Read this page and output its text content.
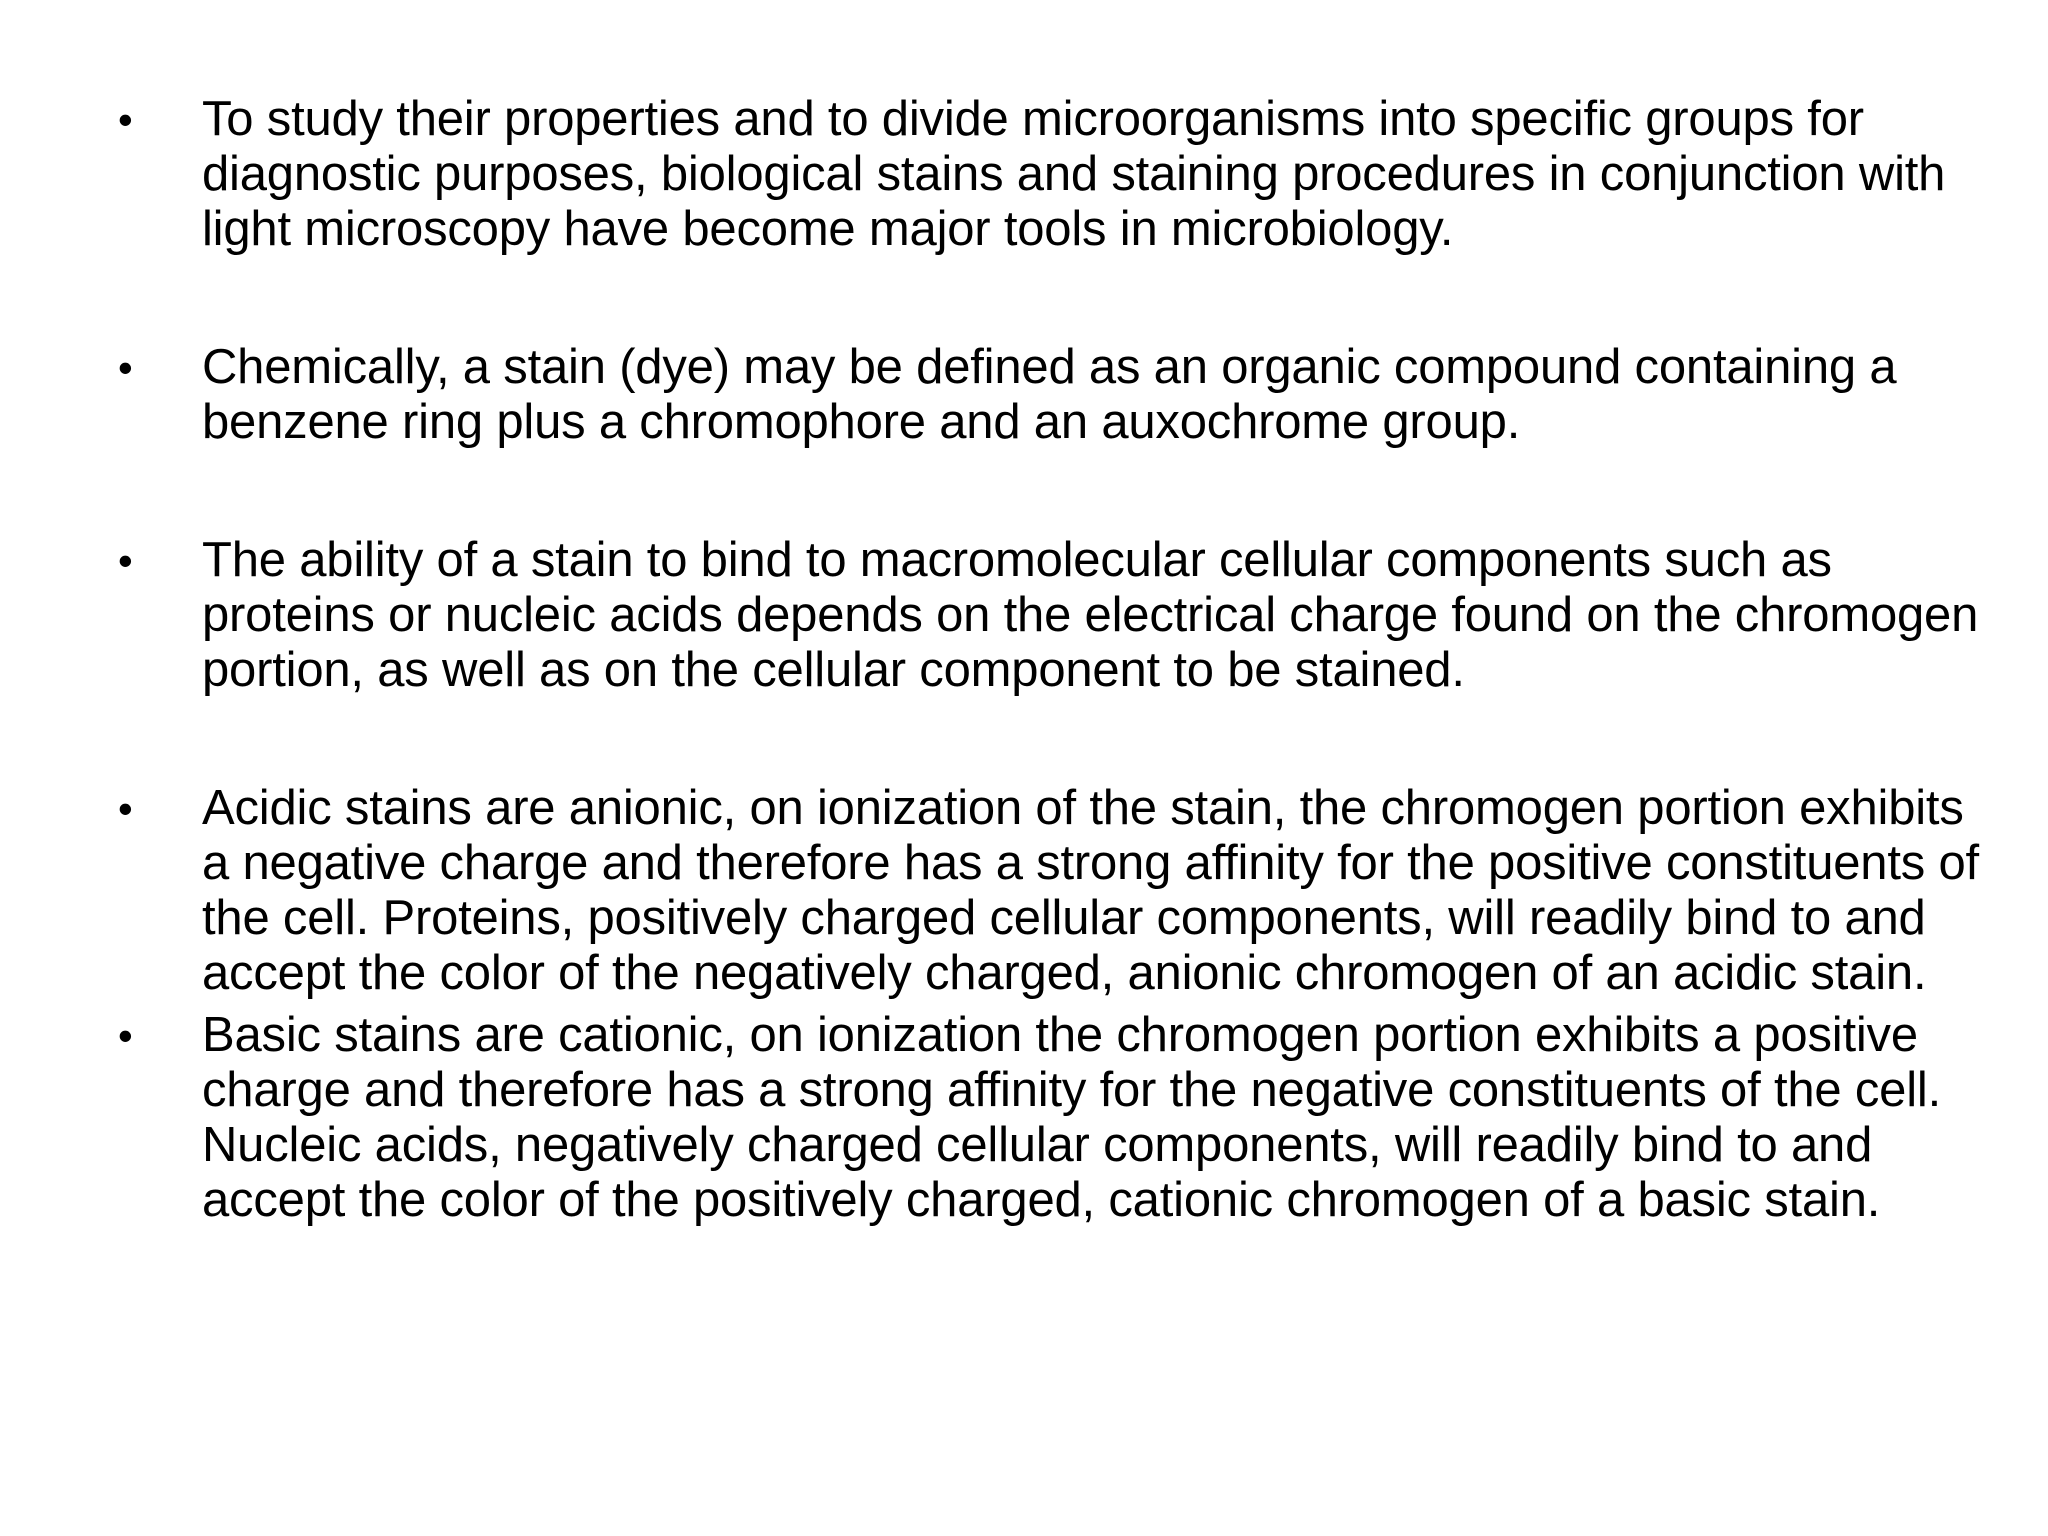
•	To study their properties and to divide microorganisms into specific groups for diagnostic purposes, biological stains and staining procedures in conjunction with light microscopy have become major tools in microbiology.
•	Chemically, a stain (dye) may be defined as an organic compound containing a benzene ring plus a chromophore and an auxochrome group.
•	The ability of a stain to bind to macromolecular cellular components such as proteins or nucleic acids depends on the electrical charge found on the chromogen portion, as well as on the cellular component to be stained.
•	Acidic stains are anionic, on ionization of the stain, the chromogen portion exhibits a negative charge and therefore has a strong affinity for the positive constituents of the cell. Proteins, positively charged cellular components, will readily bind to and accept the color of the negatively charged, anionic chromogen of an acidic stain.
•	Basic stains are cationic, on ionization the chromogen portion exhibits a positive charge and therefore has a strong affinity for the negative constituents of the cell. Nucleic acids, negatively charged cellular components, will readily bind to and accept the color of the positively charged, cationic chromogen of a basic stain.
